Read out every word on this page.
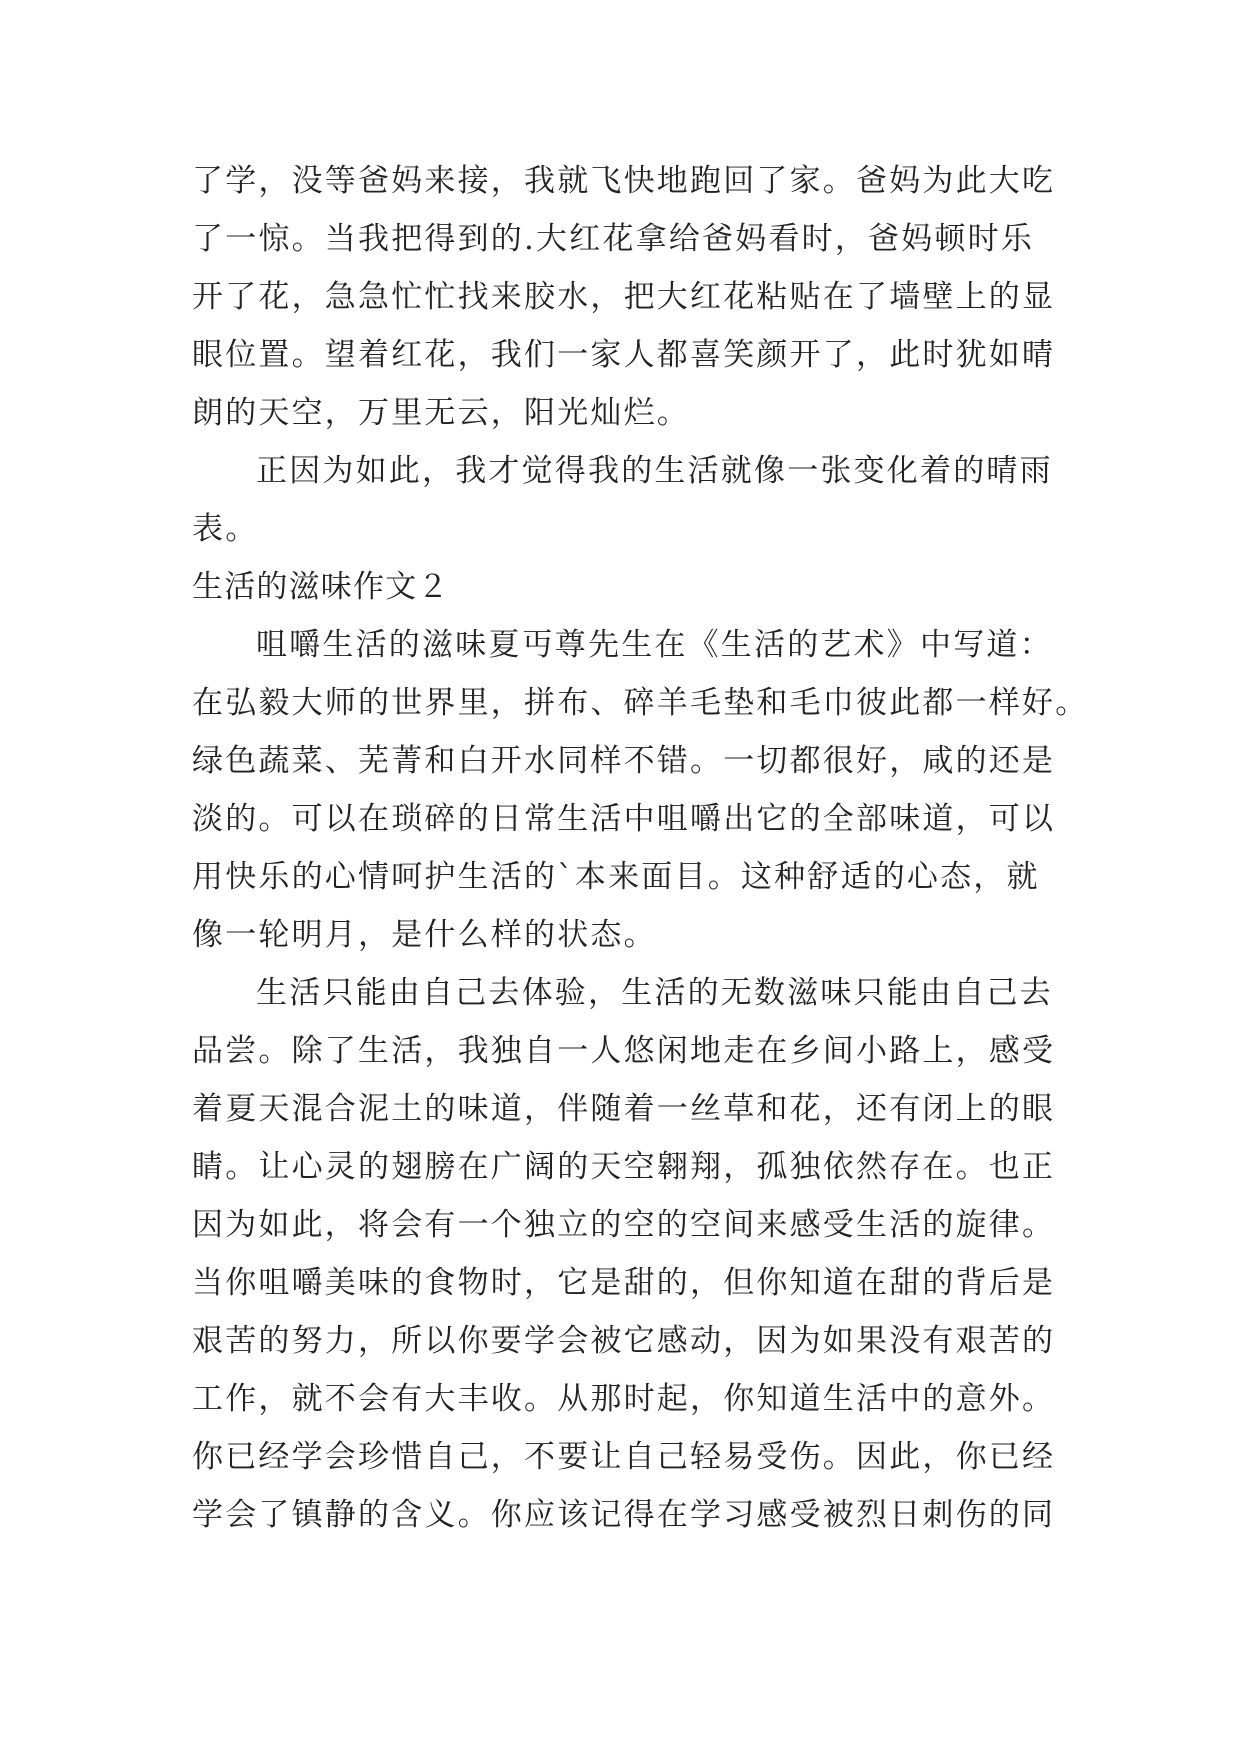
了学，没等爸妈来接，我就飞快地跑回了家。爸妈为此大吃
了一惊。当我把得到的.大红花拿给爸妈看时，爸妈顿时乐
开了花，急急忙忙找来胶水，把大红花粘贴在了墙壁上的显
眼位置。望着红花，我们一家人都喜笑颜开了，此时犹如晴
朗的天空，万里无云，阳光灿烂。
正因为如此，我才觉得我的生活就像一张变化着的晴雨
表。
生活的滋味作文２
咀嚼生活的滋味夏丏尊先生在《生活的艺术》中写道：
在弘毅大师的世界里，拼布、碎羊毛垫和毛巾彼此都一样好。
绿色蔬菜、芜菁和白开水同样不错。一切都很好，咸的还是
淡的。可以在琐碎的日常生活中咀嚼出它的全部味道，可以
用快乐的心情呵护生活的`本来面目。这种舒适的心态，就
像一轮明月，是什么样的状态。
生活只能由自己去体验，生活的无数滋味只能由自己去
品尝。除了生活，我独自一人悠闲地走在乡间小路上，感受
着夏天混合泥土的味道，伴随着一丝草和花，还有闭上的眼
睛。让心灵的翅膀在广阔的天空翱翔，孤独依然存在。也正
因为如此，将会有一个独立的空的空间来感受生活的旋律。
当你咀嚼美味的食物时，它是甜的，但你知道在甜的背后是
艰苦的努力，所以你要学会被它感动，因为如果没有艰苦的
工作，就不会有大丰收。从那时起，你知道生活中的意外。
你已经学会珍惜自己，不要让自己轻易受伤。因此，你已经
学会了镇静的含义。你应该记得在学习感受被烈日刺伤的同
